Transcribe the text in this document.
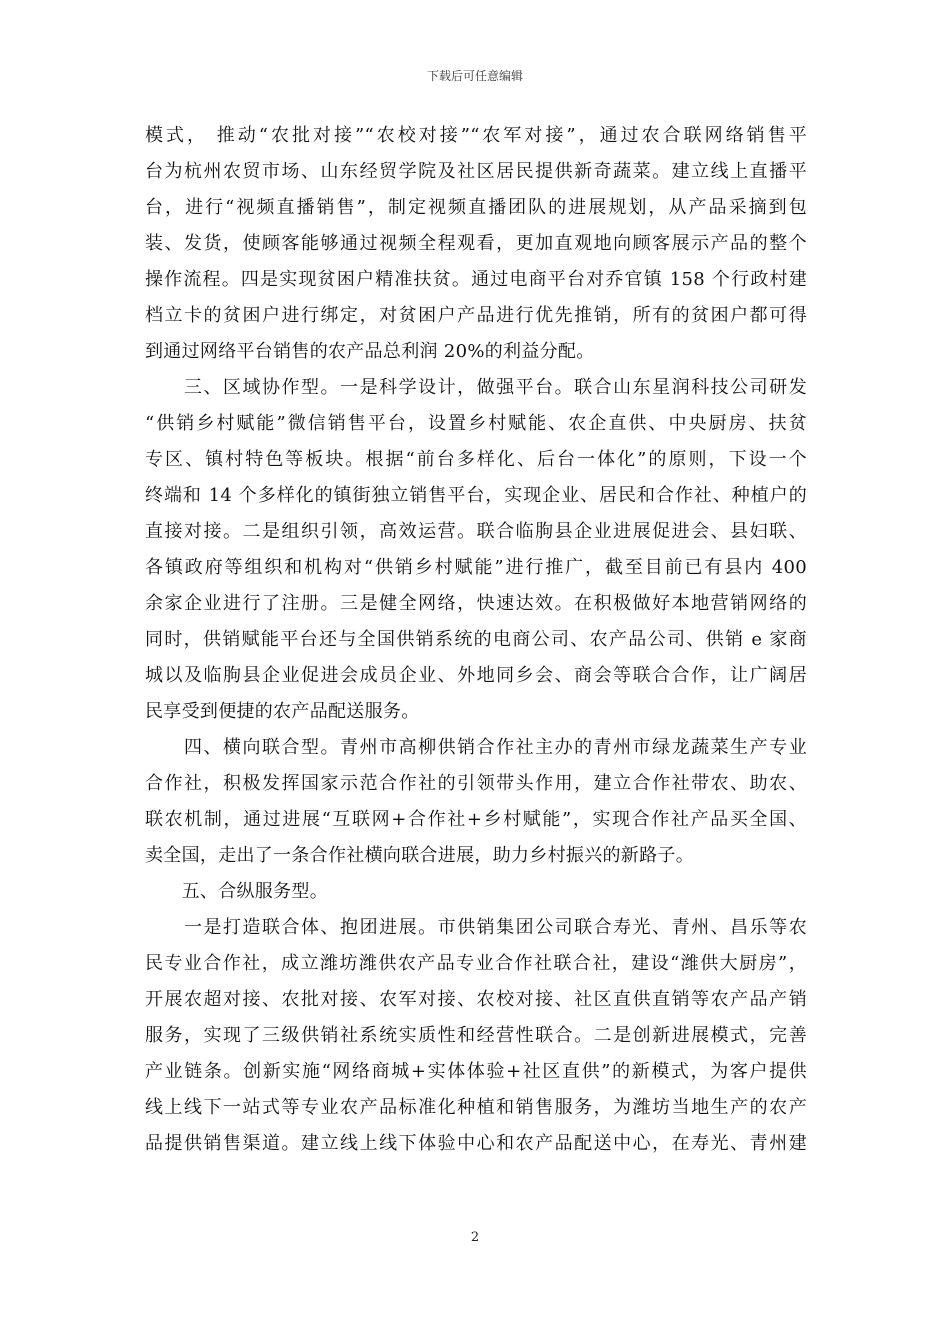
下载后可任意编辑
模式， 推动“农批对接”“农校对接”“农军对接”，通过农合联网络销售平
台为杭州农贸市场、山东经贸学院及社区居民提供新奇蔬菜。建立线上直播平
台，进行“视频直播销售”，制定视频直播团队的进展规划，从产品采摘到包
装、发货，使顾客能够通过视频全程观看，更加直观地向顾客展示产品的整个
操作流程。四是实现贫困户精准扶贫。通过电商平台对乔官镇 158 个行政村建
档立卡的贫困户进行绑定，对贫困户产品进行优先推销，所有的贫困户都可得
到通过网络平台销售的农产品总利润 20%的利益分配。
　　三、区域协作型。一是科学设计，做强平台。联合山东星润科技公司研发
“供销乡村赋能”微信销售平台，设置乡村赋能、农企直供、中央厨房、扶贫
专区、镇村特色等板块。根据“前台多样化、后台一体化”的原则，下设一个
终端和 14 个多样化的镇街独立销售平台，实现企业、居民和合作社、种植户的
直接对接。二是组织引领，高效运营。联合临朐县企业进展促进会、县妇联、
各镇政府等组织和机构对“供销乡村赋能”进行推广，截至目前已有县内 400
余家企业进行了注册。三是健全网络，快速达效。在积极做好本地营销网络的
同时，供销赋能平台还与全国供销系统的电商公司、农产品公司、供销 e 家商
城以及临朐县企业促进会成员企业、外地同乡会、商会等联合合作，让广阔居
民享受到便捷的农产品配送服务。
　　四、横向联合型。青州市高柳供销合作社主办的青州市绿龙蔬菜生产专业
合作社，积极发挥国家示范合作社的引领带头作用，建立合作社带农、助农、
联农机制，通过进展“互联网+合作社+乡村赋能”，实现合作社产品买全国、
卖全国，走出了一条合作社横向联合进展，助力乡村振兴的新路子。
　　五、合纵服务型。
　　一是打造联合体、抱团进展。市供销集团公司联合寿光、青州、昌乐等农
民专业合作社，成立潍坊潍供农产品专业合作社联合社，建设“潍供大厨房”，
开展农超对接、农批对接、农军对接、农校对接、社区直供直销等农产品产销
服务，实现了三级供销社系统实质性和经营性联合。二是创新进展模式，完善
产业链条。创新实施“网络商城+实体体验+社区直供”的新模式，为客户提供
线上线下一站式等专业农产品标准化种植和销售服务，为潍坊当地生产的农产
品提供销售渠道。建立线上线下体验中心和农产品配送中心，在寿光、青州建
2
